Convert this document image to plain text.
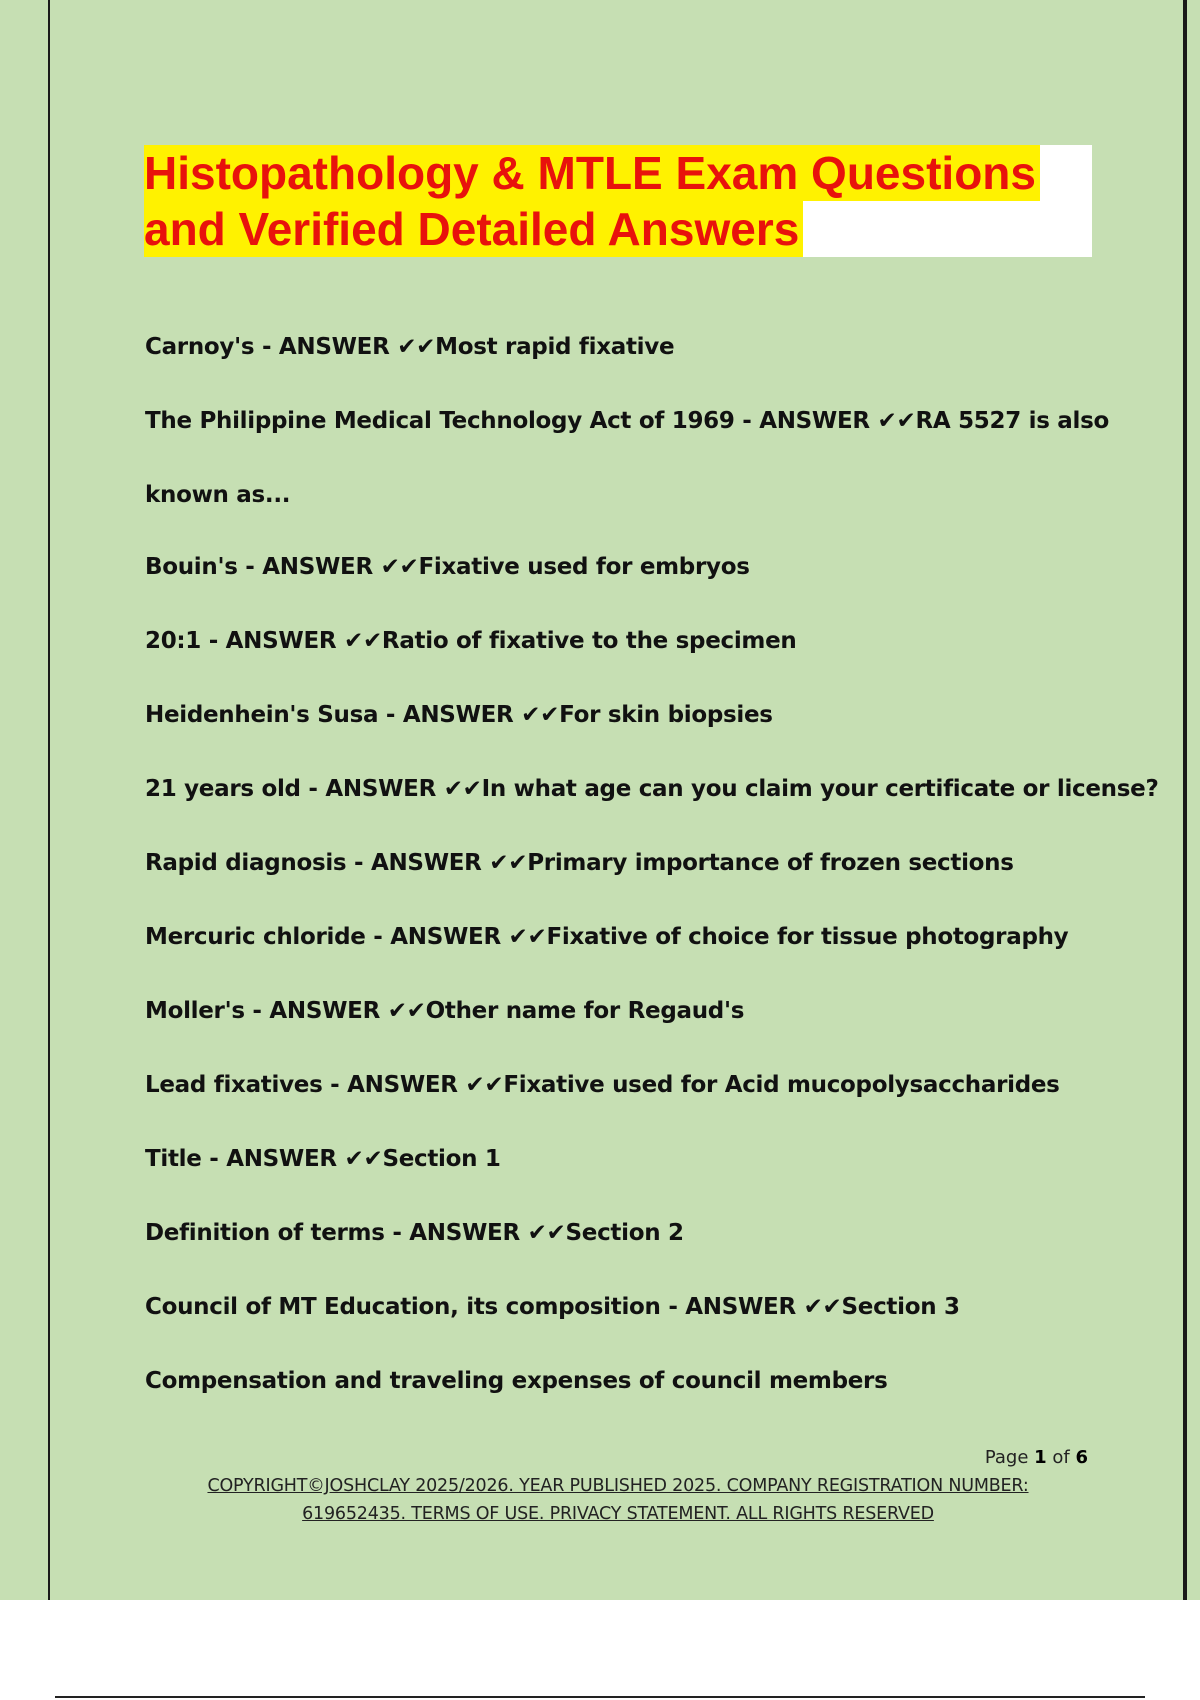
Histopathology & MTLE Exam Questions
and Verified Detailed Answers
Carnoy's - ANSWER ✔✔Most rapid fixative
The Philippine Medical Technology Act of 1969 - ANSWER ✔✔RA 5527 is also
known as...
Bouin's - ANSWER ✔✔Fixative used for embryos
20:1 - ANSWER ✔✔Ratio of fixative to the specimen
Heidenhein's Susa - ANSWER ✔✔For skin biopsies
21 years old - ANSWER ✔✔In what age can you claim your certificate or license?
Rapid diagnosis - ANSWER ✔✔Primary importance of frozen sections
Mercuric chloride - ANSWER ✔✔Fixative of choice for tissue photography
Moller's - ANSWER ✔✔Other name for Regaud's
Lead fixatives - ANSWER ✔✔Fixative used for Acid mucopolysaccharides
Title - ANSWER ✔✔Section 1
Definition of terms - ANSWER ✔✔Section 2
Council of MT Education, its composition - ANSWER ✔✔Section 3
Compensation and traveling expenses of council members
Page 1 of 6
COPYRIGHT©JOSHCLAY 2025/2026. YEAR PUBLISHED 2025. COMPANY REGISTRATION NUMBER:
619652435. TERMS OF USE. PRIVACY STATEMENT. ALL RIGHTS RESERVED
